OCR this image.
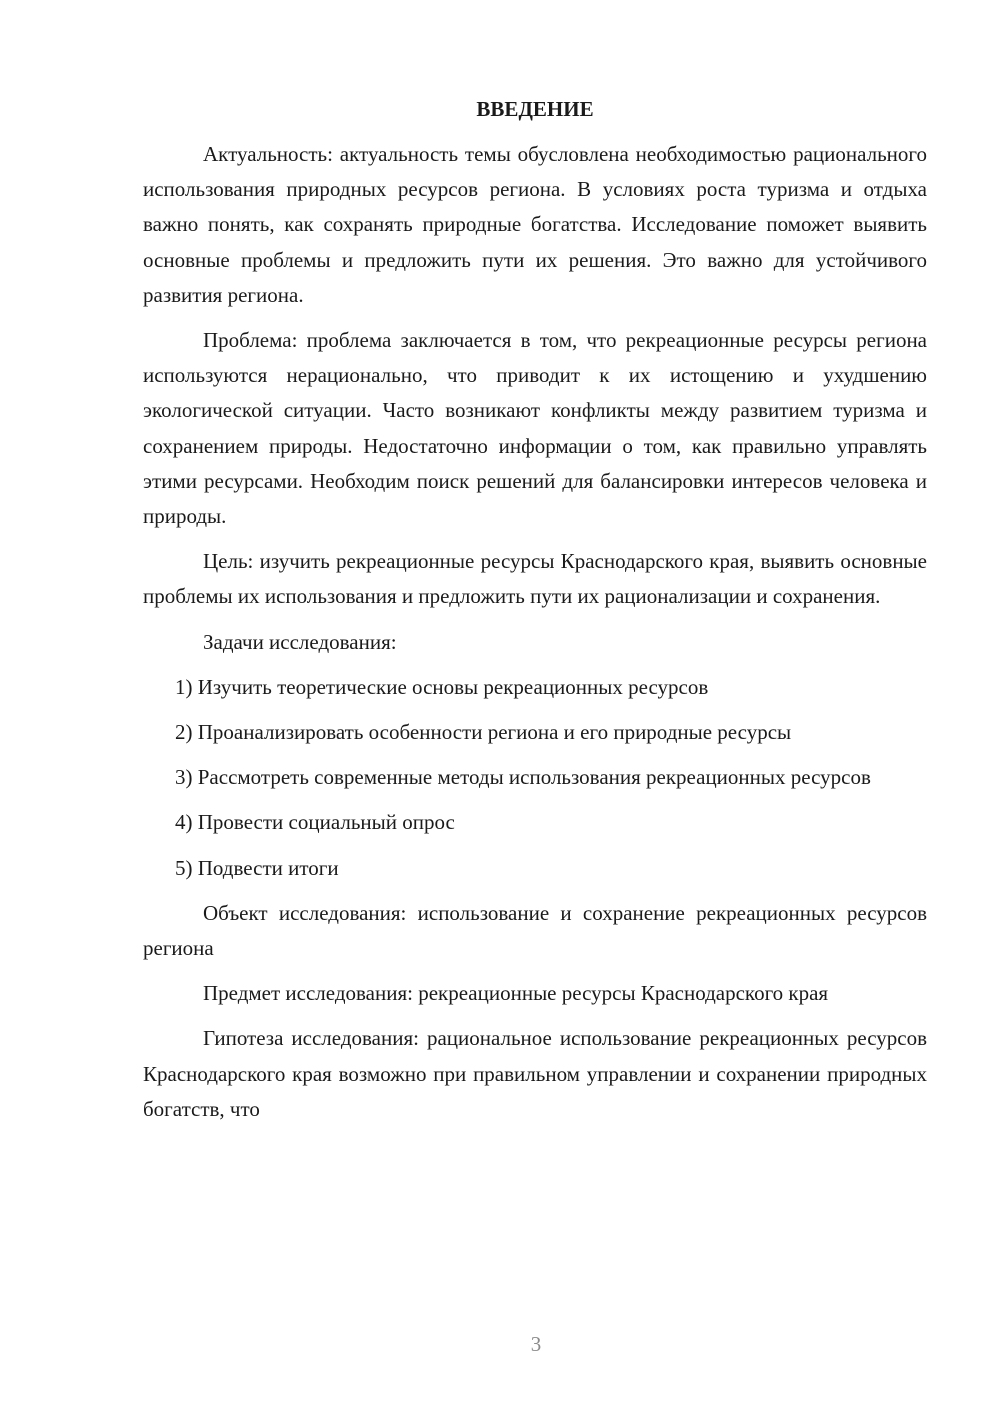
ВВЕДЕНИЕ

Актуальность: актуальность темы обусловлена необходимостью рационального использования природных ресурсов региона. В условиях роста туризма и отдыха важно понять, как сохранять природные богатства. Исследование поможет выявить основные проблемы и предложить пути их решения. Это важно для устойчивого развития региона.

Проблема: проблема заключается в том, что рекреационные ресурсы региона используются нерационально, что приводит к их истощению и ухудшению экологической ситуации. Часто возникают конфликты между развитием туризма и сохранением природы. Недостаточно информации о том, как правильно управлять этими ресурсами. Необходим поиск решений для балансировки интересов человека и природы.

Цель: изучить рекреационные ресурсы Краснодарского края, выявить основные проблемы их использования и предложить пути их рационализации и сохранения.

Задачи исследования:

1) Изучить теоретические основы рекреационных ресурсов

2) Проанализировать особенности региона и его природные ресурсы

3) Рассмотреть современные методы использования рекреационных ресурсов

4) Провести социальный опрос

5) Подвести итоги

Объект исследования: использование и сохранение рекреационных ресурсов региона

Предмет исследования: рекреационные ресурсы Краснодарского края

Гипотеза исследования: рациональное использование рекреационных ресурсов Краснодарского края возможно при правильном управлении и сохранении природных богатств, что

3
